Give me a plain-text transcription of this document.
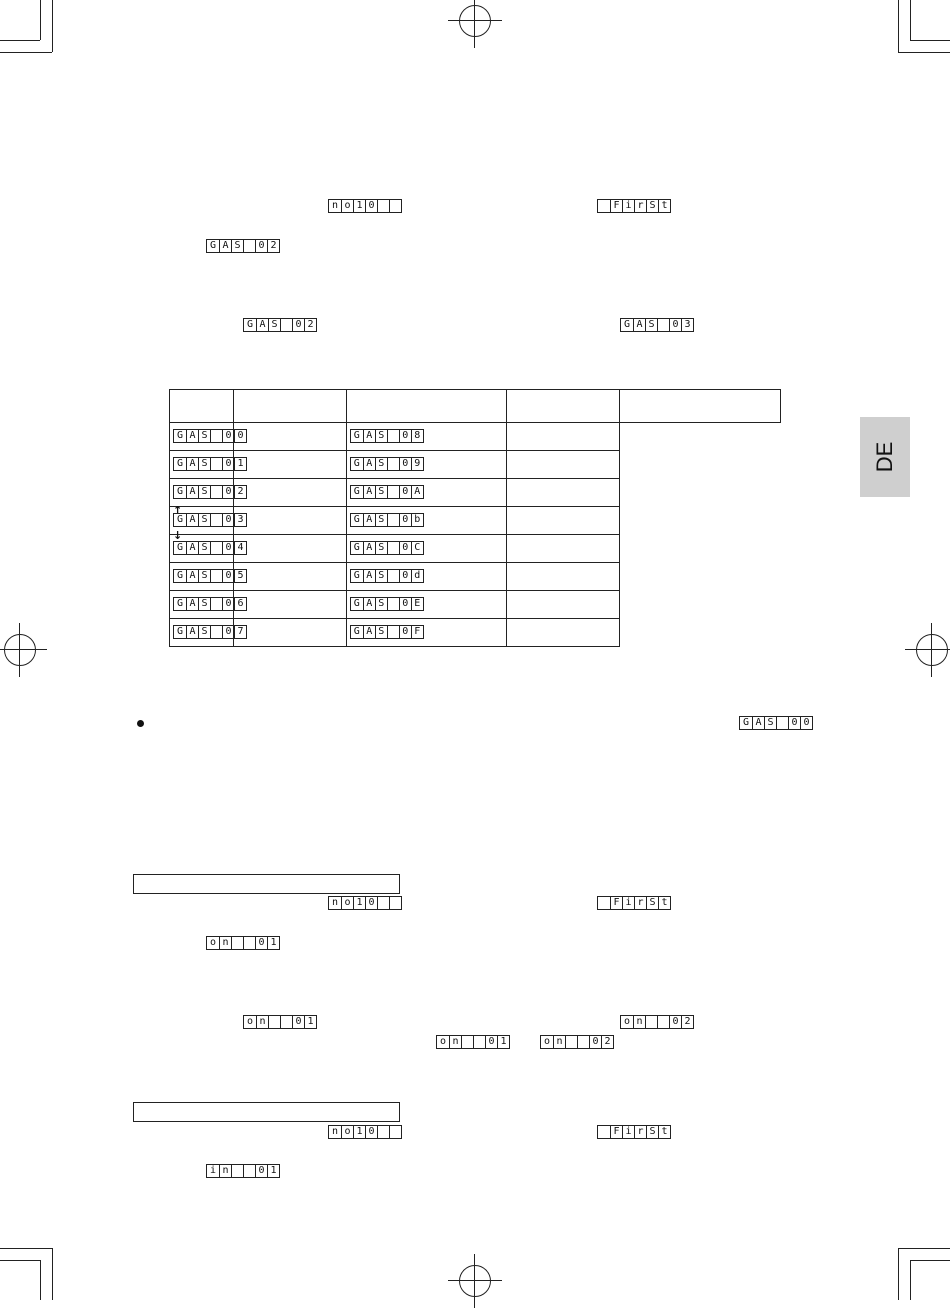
DE
n o 1 0	F i r S t
G A S	0 2
G A S	0 2	G A S	0 3
↑
↓				

G A S 0 0		G A S 0 8		

G A S 0 1		G A S 0 9		

G A S 0 2		G A S 0 A		

G A S 0 3		G A S 0 b		

G A S 0 4		G A S 0 C		

G A S 0 5		G A S 0 d		

G A S 0 6		G A S 0 E		

G A S 0 7		G A S 0 F		

G A S	0 0
n o 1 0	F i r S t
o n	0 1
o n	0 1	o n	0 2
o n	0 1	o n	0 2
n o 1 0	F i r S t
i n	0 1
